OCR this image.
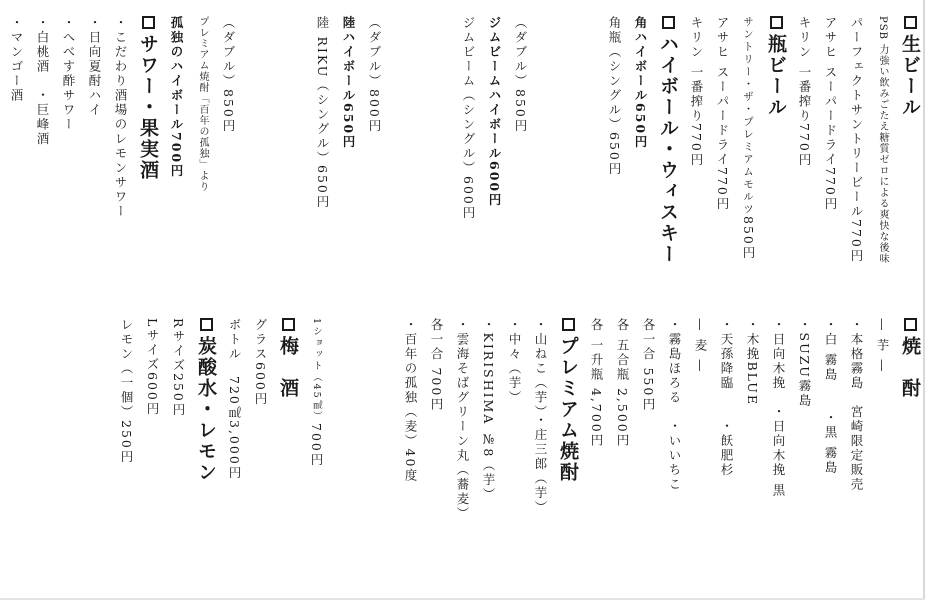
生ビール
PSB 力強い飲みごたえ糖質ゼロによる爽快な後味
パーフェクトサントリービール
770円
アサヒ スーパードライ
770円
キリン 一番搾り
770円
瓶ビール
サントリー・ザ・プレミアムモルツ
850円
アサヒ スーパードライ
770円
キリン 一番搾り
770円
ハイボール・ウィスキー
角ハイボール
650円
角瓶（シングル）
650円
（ダブル）
850円
ジムビームハイボール
600円
ジムビーム（シングル）
600円
（ダブル）
800円
陸ハイボール
650円
陸 RIKU（シングル）
650円
（ダブル）
850円
プレミアム焼酎「百年の孤独」より
孤独のハイボール
700円
サワー・果実酒
・こだわり酒場のレモンサワー
・日向夏酎ハイ
・へべす酢サワー
・白桃酒　・巨峰酒
・マンゴー酒
焼　酎
— 芋 —
・本格霧島　宮崎限定販売
・白 霧島　　・黒 霧島
・SUZU霧島
・日向木挽　・日向木挽 黒
・木挽BLUE
・天孫降臨　　・飫肥杉
— 麦 —
・霧島ほろる　・いいちこ
各一合 550円
各 五合瓶 2,500円
各 一升瓶 4,700円
プレミアム焼酎
・山ねこ（芋）・庄三郎（芋）
・中々（芋）
・KIRISHIMA №8（芋）
・雲海そばグリーン丸（蕎麦）
各一合 700円
・百年の孤独（麦）40度
1ショット（45㎖）
700円
梅　酒
グラス
600円
ボトル　720㎖
3,000円
炭酸水・レモン
Rサイズ
250円
Lサイズ
600円
レモン（一個）
250円
